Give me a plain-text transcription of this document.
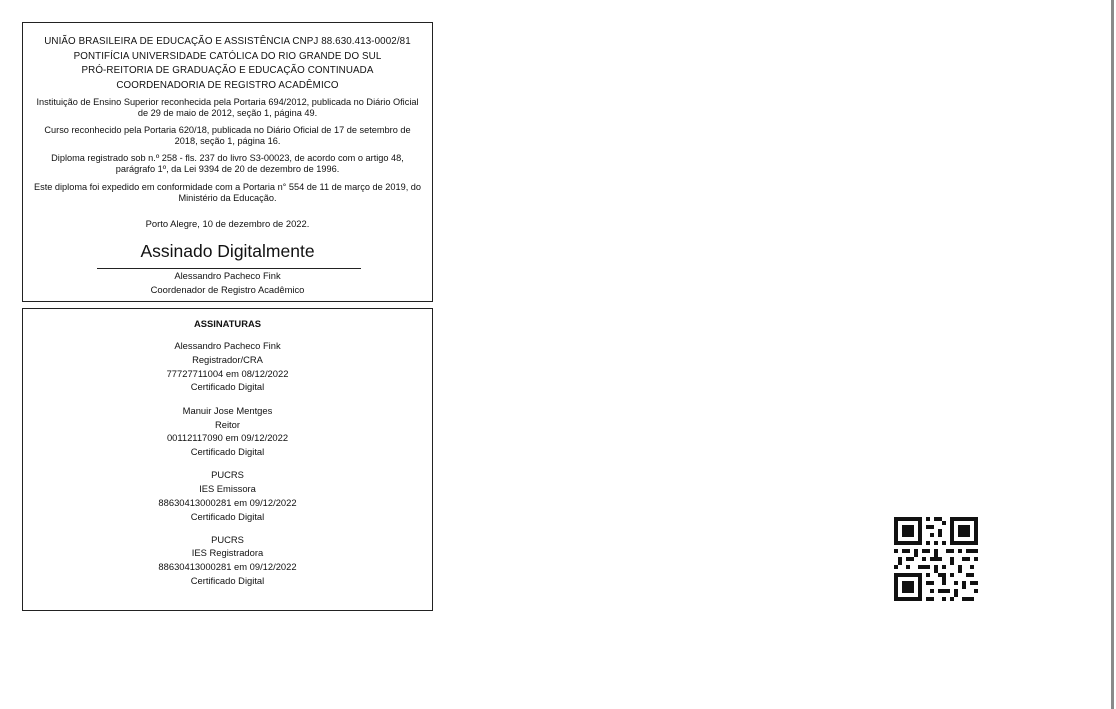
UNIÃO BRASILEIRA DE EDUCAÇÃO E ASSISTÊNCIA CNPJ 88.630.413-0002/81
PONTIFÍCIA UNIVERSIDADE CATÓLICA DO RIO GRANDE DO SUL
PRÓ-REITORIA DE GRADUAÇÃO E EDUCAÇÃO CONTINUADA
COORDENADORIA DE REGISTRO ACADÊMICO
Instituição de Ensino Superior reconhecida pela Portaria 694/2012, publicada no Diário Oficial de 29 de maio de 2012, seção 1, página 49.
Curso reconhecido pela Portaria 620/18, publicada no Diário Oficial de 17 de setembro de 2018, seção 1, página 16.
Diploma registrado sob n.º 258 - fls. 237 do livro S3-00023, de acordo com o artigo 48, parágrafo 1º, da Lei 9394 de 20 de dezembro de 1996.
Este diploma foi expedido em conformidade com a Portaria n° 554 de 11 de março de 2019, do Ministério da Educação.
Porto Alegre, 10 de dezembro de 2022.
Assinado Digitalmente
Alessandro Pacheco Fink
Coordenador de Registro Acadêmico
ASSINATURAS
Alessandro Pacheco Fink
Registrador/CRA
77727711004 em 08/12/2022
Certificado Digital
Manuir Jose Mentges
Reitor
00112117090 em 09/12/2022
Certificado Digital
PUCRS
IES Emissora
88630413000281 em 09/12/2022
Certificado Digital
PUCRS
IES Registradora
88630413000281 em 09/12/2022
Certificado Digital
